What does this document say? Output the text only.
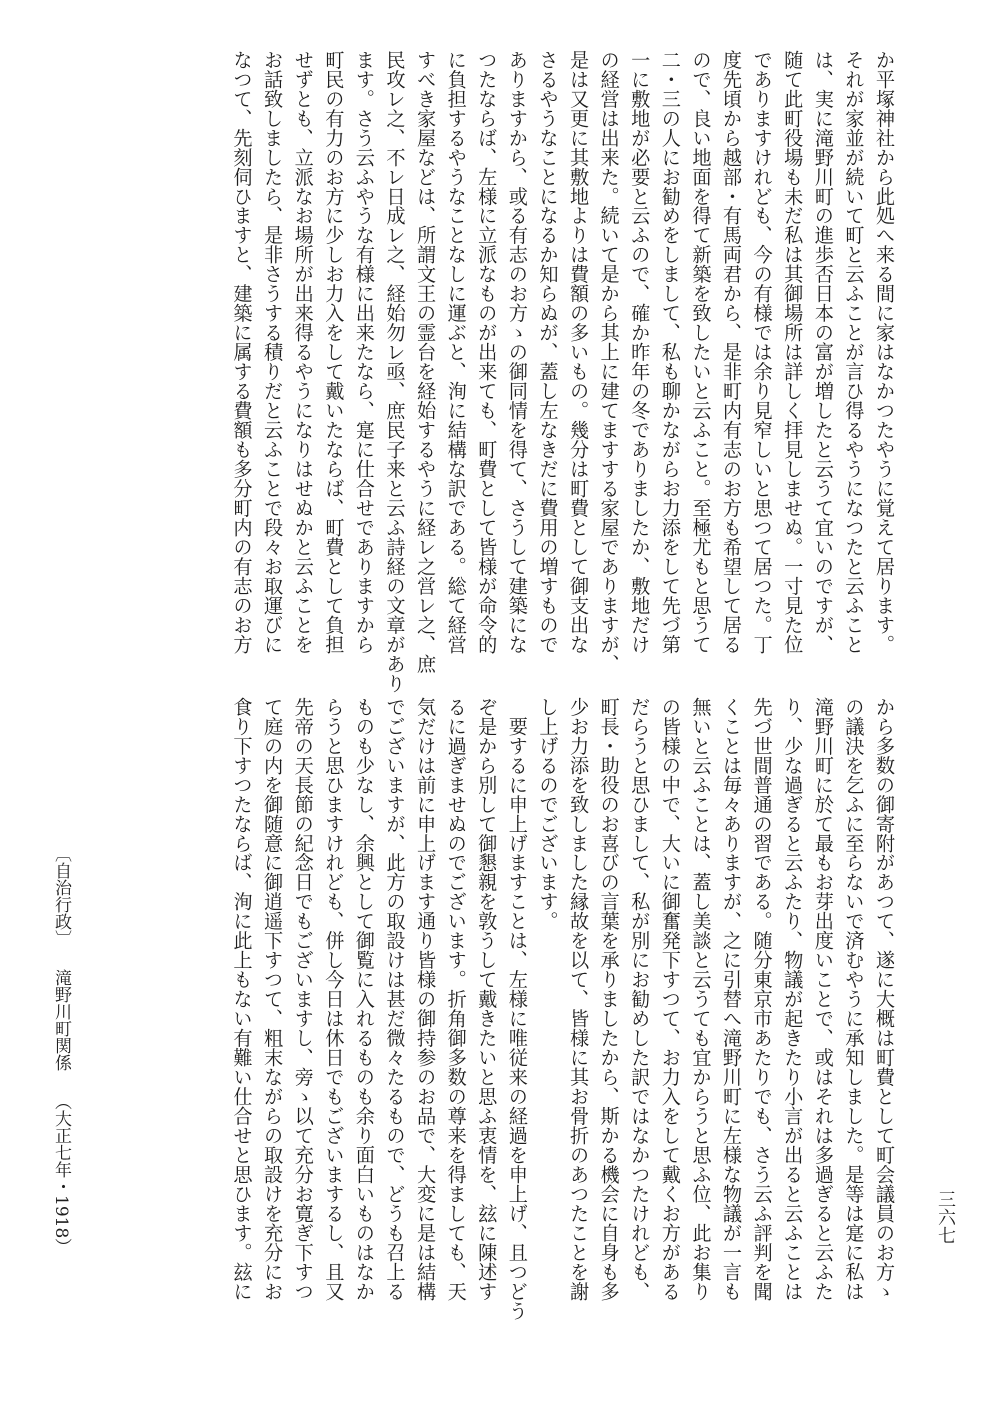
か平塚神社から此処へ来る間に家はなかつたやうに覚えて居ります。

それが家並が続いて町と云ふことが言ひ得るやうになつたと云ふこと

は、実に滝野川町の進歩否日本の富が増したと云うて宜いのですが、

随て此町役場も未だ私は其御場所は詳しく拝見しませぬ。一寸見た位

でありますけれども、今の有様では余り見窄しいと思つて居つた。丁

度先頃から越部・有馬両君から、是非町内有志のお方も希望して居る

ので、良い地面を得て新築を致したいと云ふこと。至極尤もと思うて

二・三の人にお勧めをしまして、私も聊かながらお力添をして先づ第

一に敷地が必要と云ふので、確か昨年の冬でありましたか、敷地だけ

の経営は出来た。続いて是から其上に建てますする家屋でありますが、

是は又更に其敷地よりは費額の多いもの。幾分は町費として御支出な

さるやうなことになるか知らぬが、蓋し左なきだに費用の増すもので

ありますから、或る有志のお方ゝの御同情を得て、さうして建築にな

つたならば、左様に立派なものが出来ても、町費として皆様が命令的

に負担するやうなことなしに運ぶと、洵に結構な訳である。総て経営

すべき家屋などは、所謂文王の霊台を経始するやうに経レ之営レ之、庶

民攻レ之、不レ日成レ之、経始勿レ亟、庶民子来と云ふ詩経の文章があり

ます。さう云ふやうな有様に出来たなら、寔に仕合せでありますから

町民の有力のお方に少しお力入をして戴いたならば、町費として負担

せずとも、立派なお場所が出来得るやうになりはせぬかと云ふことを

お話致しましたら、是非さうする積りだと云ふことで段々お取運びに

なつて、先刻伺ひますと、建築に属する費額も多分町内の有志のお方

から多数の御寄附があつて、遂に大概は町費として町会議員のお方ゝ

の議決を乞ふに至らないで済むやうに承知しました。是等は寔に私は

滝野川町に於て最もお芽出度いことで、或はそれは多過ぎると云ふた

り、少な過ぎると云ふたり、物議が起きたり小言が出ると云ふことは

先づ世間普通の習である。随分東京市あたりでも、さう云ふ評判を聞

くことは毎々ありますが、之に引替へ滝野川町に左様な物議が一言も

無いと云ふことは、蓋し美談と云うても宜からうと思ふ位、此お集り

の皆様の中で、大いに御奮発下すつて、お力入をして戴くお方がある

だらうと思ひまして、私が別にお勧めした訳ではなかつたけれども、

町長・助役のお喜びの言葉を承りましたから、斯かる機会に自身も多

少お力添を致しました縁故を以て、皆様に其お骨折のあつたことを謝

し上げるのでございます。

　要するに申上げますことは、左様に唯従来の経過を申上げ、且つどう

ぞ是から別して御懇親を敦うして戴きたいと思ふ衷情を、玆に陳述す

るに過ぎませぬのでございます。折角御多数の尊来を得ましても、天

気だけは前に申上げます通り皆様の御持参のお品で、大変に是は結構

でございますが、此方の取設けは甚だ微々たるもので、どうも召上る

ものも少なし、余興として御覧に入れるものも余り面白いものはなか

らうと思ひますけれども、併し今日は休日でもございまするし、且又

先帝の天長節の紀念日でもございますし、旁ゝ以て充分お寛ぎ下すつ

て庭の内を御随意に御逍遥下すつて、粗末ながらの取設けを充分にお

食り下すつたならば、洵に此上もない有難い仕合せと思ひます。玆に

〔自治行政〕滝野川町関係（大正七年・1918）	三六七
